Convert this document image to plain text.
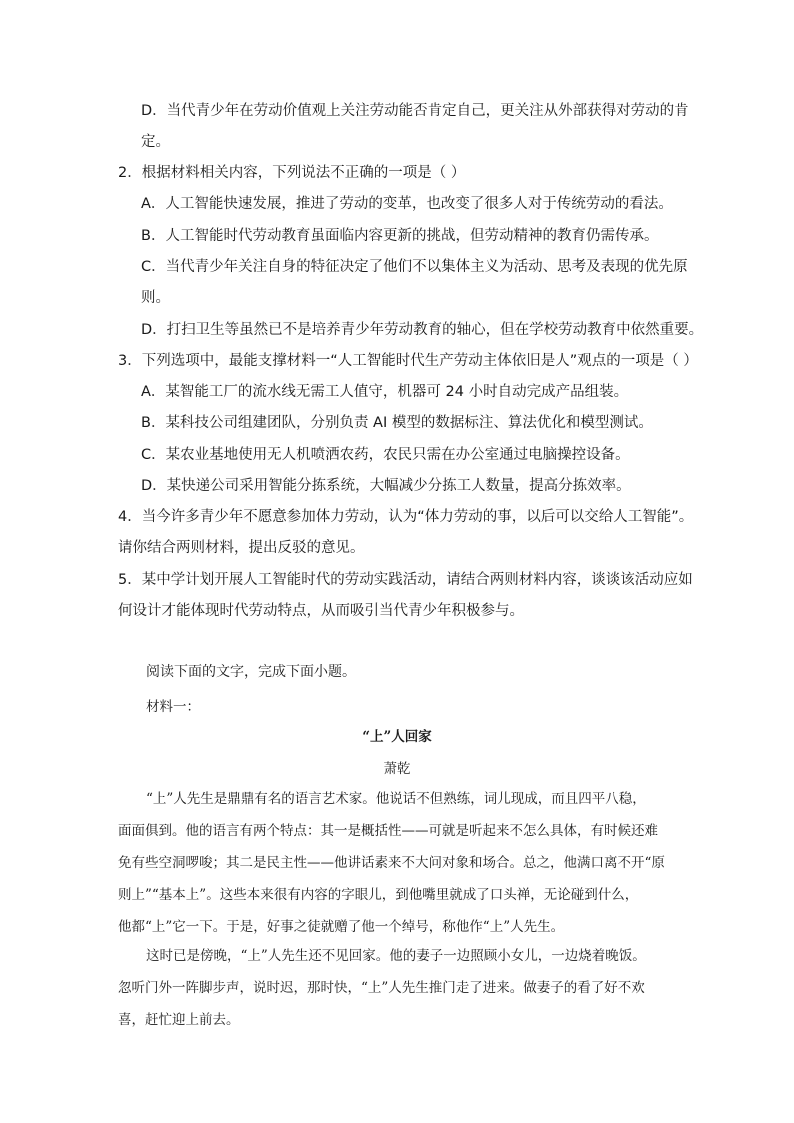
D．当代青少年在劳动价值观上关注劳动能否肯定自己，更关注从外部获得对劳动的肯
定。
2．根据材料相关内容，下列说法不正确的一项是（ ）
A．人工智能快速发展，推进了劳动的变革，也改变了很多人对于传统劳动的看法。
B．人工智能时代劳动教育虽面临内容更新的挑战，但劳动精神的教育仍需传承。
C．当代青少年关注自身的特征决定了他们不以集体主义为活动、思考及表现的优先原
则。
D．打扫卫生等虽然已不是培养青少年劳动教育的轴心，但在学校劳动教育中依然重要。
3．下列选项中，最能支撑材料一“人工智能时代生产劳动主体依旧是人”观点的一项是（ ）
A．某智能工厂的流水线无需工人值守，机器可 24 小时自动完成产品组装。
B．某科技公司组建团队，分别负责 AI 模型的数据标注、算法优化和模型测试。
C．某农业基地使用无人机喷洒农药，农民只需在办公室通过电脑操控设备。
D．某快递公司采用智能分拣系统，大幅减少分拣工人数量，提高分拣效率。
4．当今许多青少年不愿意参加体力劳动，认为“体力劳动的事，以后可以交给人工智能”。
请你结合两则材料，提出反驳的意见。
5．某中学计划开展人工智能时代的劳动实践活动，请结合两则材料内容，谈谈该活动应如
何设计才能体现时代劳动特点，从而吸引当代青少年积极参与。
阅读下面的文字，完成下面小题。
材料一：
“上”人回家
萧乾
“上”人先生是鼎鼎有名的语言艺术家。他说话不但熟练，词儿现成，而且四平八稳，
面面俱到。他的语言有两个特点：其一是概括性——可就是听起来不怎么具体，有时候还难
免有些空洞啰唆；其二是民主性——他讲话素来不大问对象和场合。总之，他满口离不开“原
则上”“基本上”。这些本来很有内容的字眼儿，到他嘴里就成了口头禅，无论碰到什么，
他都“上”它一下。于是，好事之徒就赠了他一个绰号，称他作“上”人先生。
这时已是傍晚，“上”人先生还不见回家。他的妻子一边照顾小女儿，一边烧着晚饭。
忽听门外一阵脚步声，说时迟，那时快，“上”人先生推门走了进来。做妻子的看了好不欢
喜，赶忙迎上前去。
